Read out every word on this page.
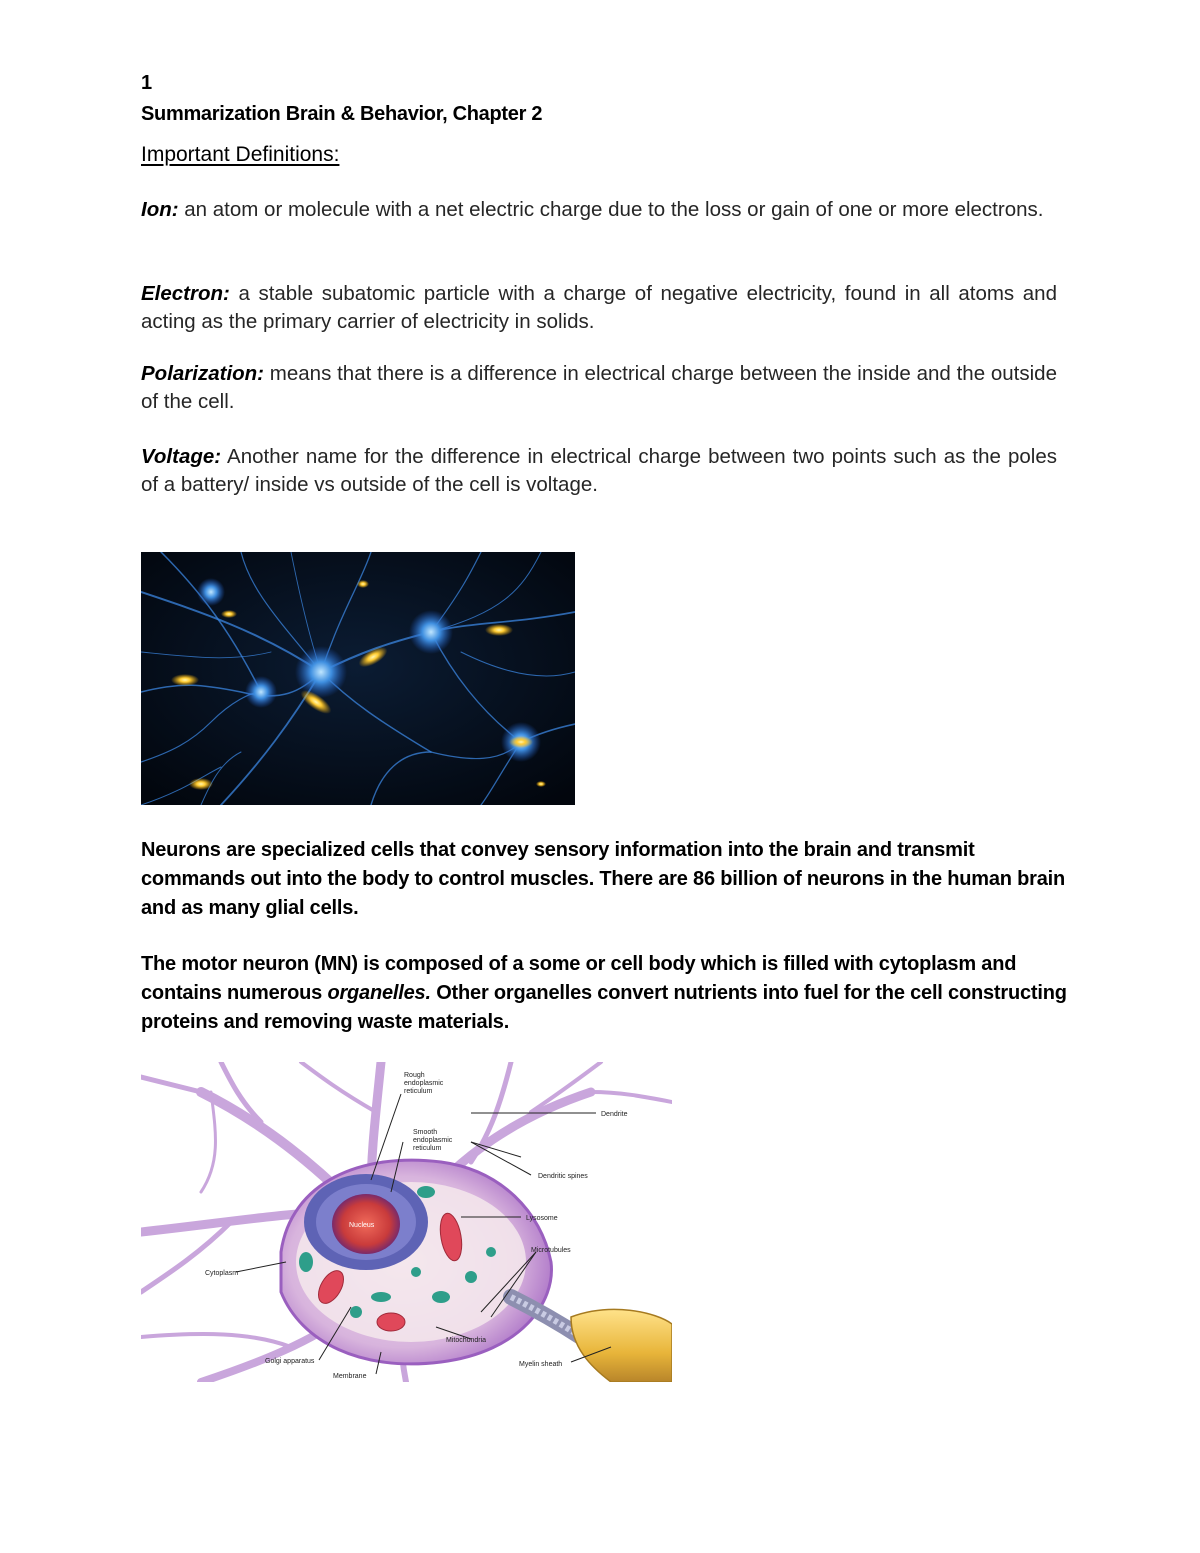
1
Summarization Brain & Behavior, Chapter 2
Important Definitions:
Ion: an atom or molecule with a net electric charge due to the loss or gain of one or more electrons.
Electron: a stable subatomic particle with a charge of negative electricity, found in all atoms and acting as the primary carrier of electricity in solids.
Polarization: means that there is a difference in electrical charge between the inside and the outside of the cell.
Voltage: Another name for the difference in electrical charge between two points such as the poles of a battery/ inside vs outside of the cell is voltage.
Neurons are specialized cells that convey sensory information into the brain and transmit commands out into the body to control muscles. There are 86 billion of neurons in the human brain and as many glial cells.
The motor neuron (MN) is composed of a some or cell body which is filled with cytoplasm and contains numerous organelles. Other organelles convert nutrients into fuel for the cell constructing proteins and removing waste materials.
Rough endoplasmic reticulum
Smooth endoplasmic reticulum
Dendrite
Dendritic spines
Nucleus
Lysosome
Microtubules
Cytoplasm
Mitochondria
Golgi apparatus
Membrane
Myelin sheath
